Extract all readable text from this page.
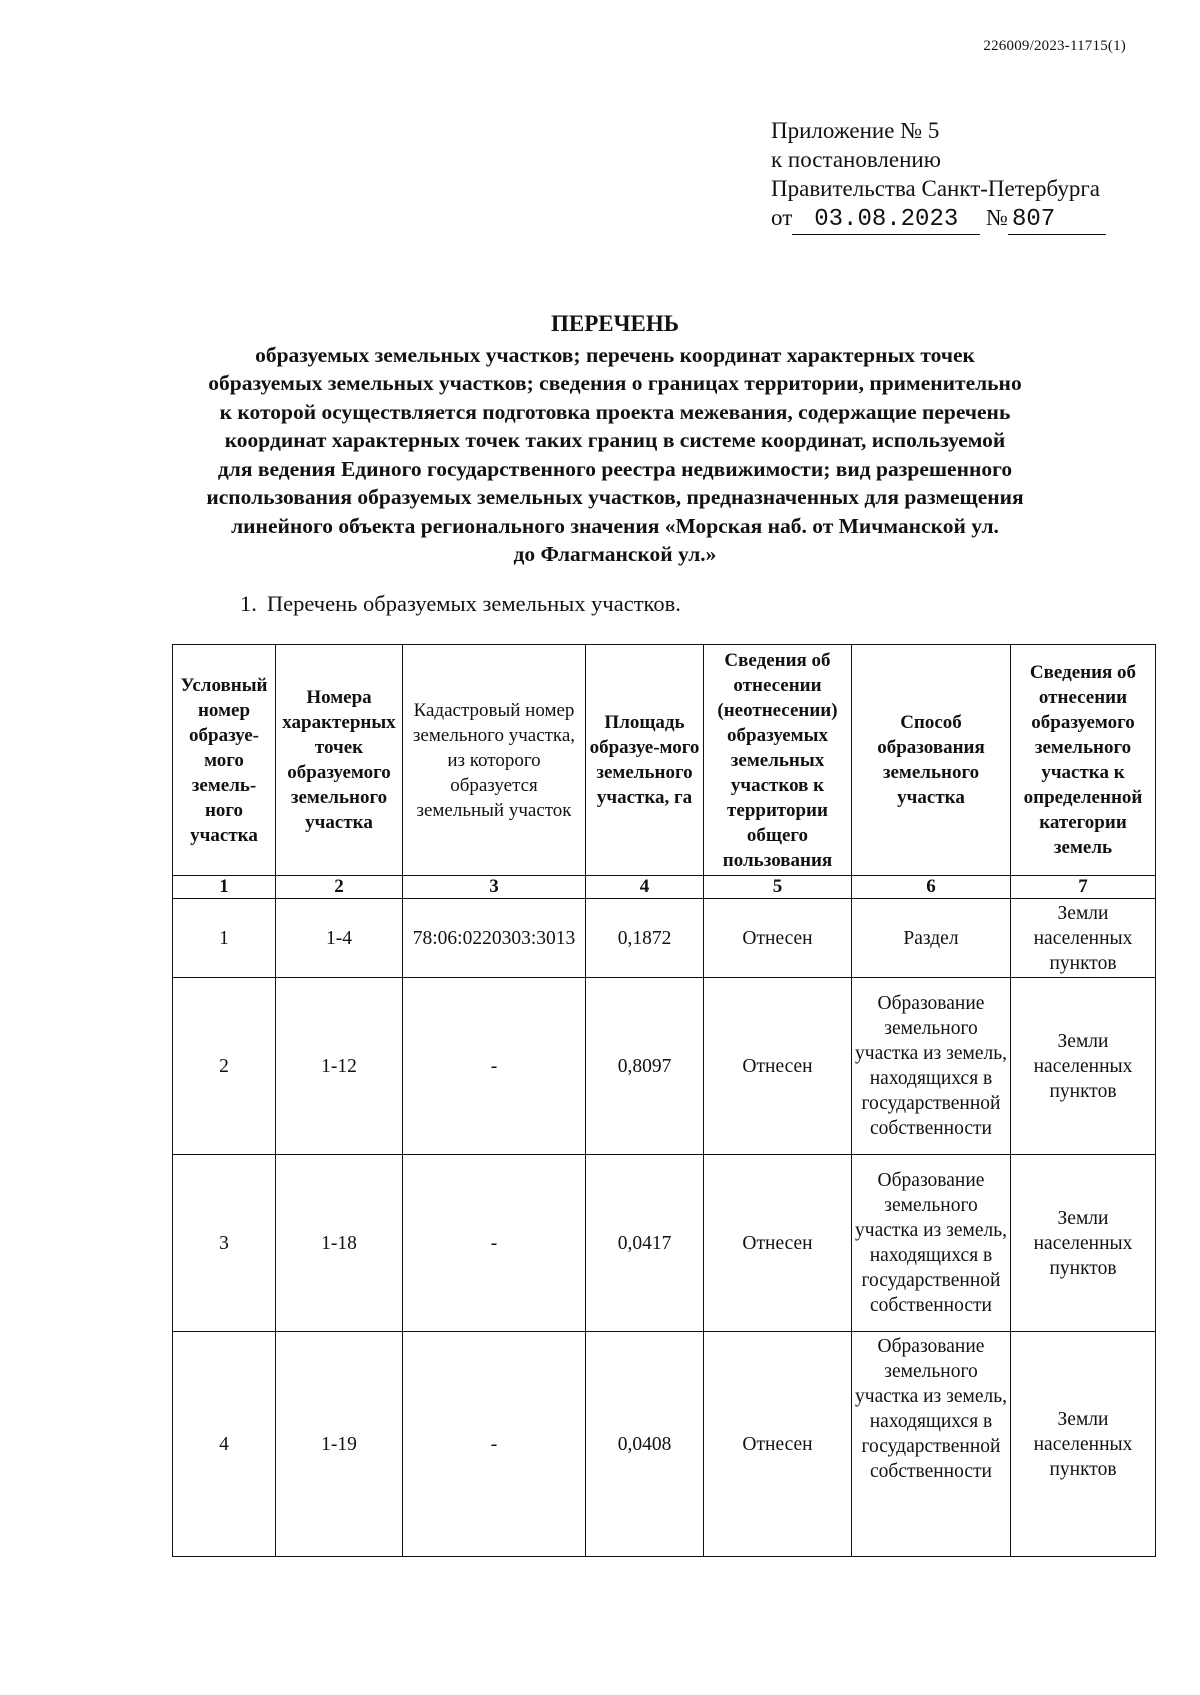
226009/2023-11715(1)
Приложение № 5
к постановлению
Правительства Санкт-Петербурга
от 03.08.2023 № 807
ПЕРЕЧЕНЬ
образуемых земельных участков; перечень координат характерных точек
образуемых земельных участков; сведения о границах территории, применительно
к которой осуществляется подготовка проекта межевания, содержащие перечень
координат характерных точек таких границ в системе координат, используемой
для ведения Единого государственного реестра недвижимости; вид разрешенного
использования образуемых земельных участков, предназначенных для размещения
линейного объекта регионального значения «Морская наб. от Мичманской ул.
до Флагманской ул.»
1. Перечень образуемых земельных участков.
Условный номер образуе-мого земель-ного участка	Номера характерных точек образуемого земельного участка	Кадастровый номер земельного участка, из которого образуется земельный участок	Площадь образуе-мого земельного участка, га	Сведения об отнесении (неотнесении) образуемых земельных участков к территории общего пользования	Способ образования земельного участка	Сведения об отнесении образуемого земельного участка к определенной категории земель
1	2	3	4	5	6	7
1	1-4	78:06:0220303:3013	0,1872	Отнесен	Раздел	Земли населенных пунктов
2	1-12	-	0,8097	Отнесен	Образование земельного участка из земель, находящихся в государственной собственности	Земли населенных пунктов
3	1-18	-	0,0417	Отнесен	Образование земельного участка из земель, находящихся в государственной собственности	Земли населенных пунктов
4	1-19	-	0,0408	Отнесен	Образование земельного участка из земель, находящихся в государственной собственности	Земли населенных пунктов
